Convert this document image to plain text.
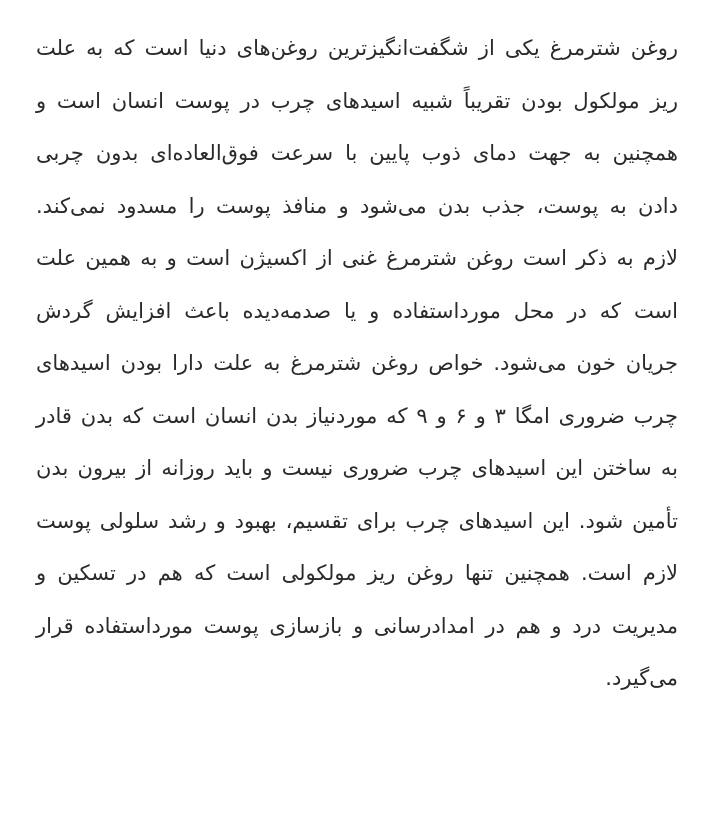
روغن شترمرغ یکی از شگفت‌انگیزترین روغن‌های دنیا است که به علت ریز مولکول بودن تقریباً شبیه اسیدهای چرب در پوست انسان است و همچنین به جهت دمای ذوب پایین با سرعت فوق‌العاده‌ای بدون چربی دادن به پوست، جذب بدن می‌شود و منافذ پوست را مسدود نمی‌کند. لازم به ذکر است روغن شترمرغ غنی از اکسیژن است و به همین علت است که در محل مورداستفاده و یا صدمه‌دیده باعث افزایش گردش جریان خون می‌شود. خواص روغن شترمرغ به علت دارا بودن اسیدهای چرب ضروری امگا ۳ و ۶ و ۹ که موردنیاز بدن انسان است که بدن قادر به ساختن این اسیدهای چرب ضروری نیست و باید روزانه از بیرون بدن تأمین شود. این اسیدهای چرب برای تقسیم، بهبود و رشد سلولی پوست لازم است. همچنین تنها روغن ریز مولکولی است که هم در تسکین و مدیریت درد و هم در امدادرسانی و بازسازی پوست مورداستفاده قرار می‌گیرد.
